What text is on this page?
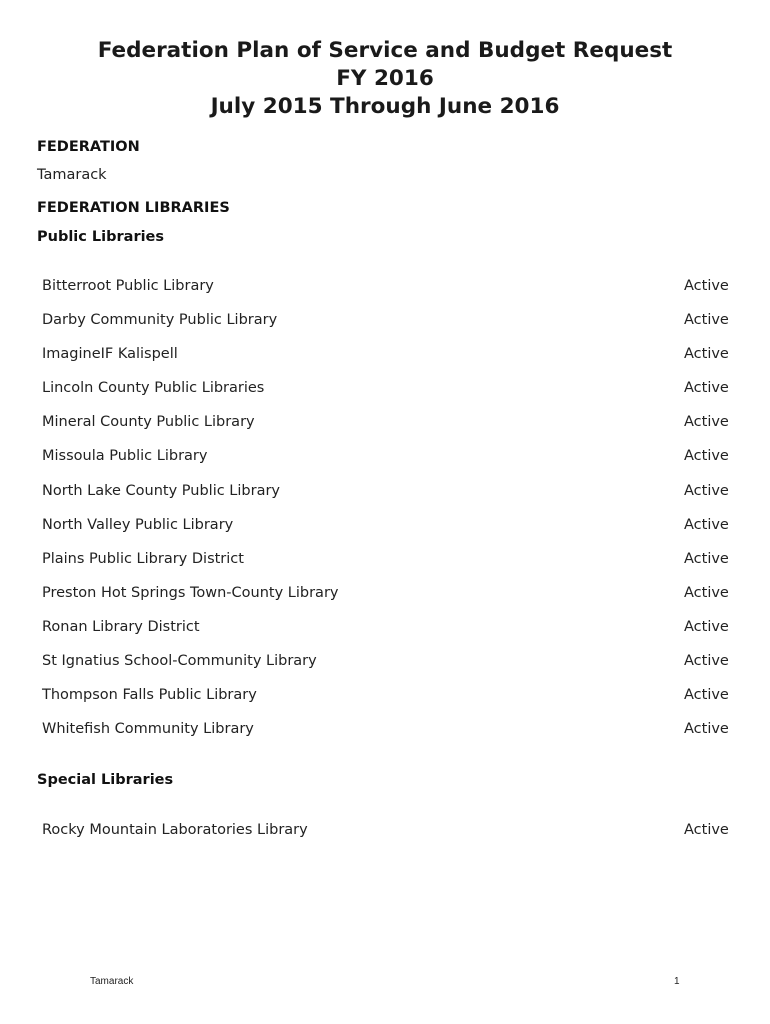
Federation Plan of Service and Budget Request
FY 2016
July 2015 Through June 2016
FEDERATION
Tamarack
FEDERATION LIBRARIES
Public Libraries
Bitterroot Public Library	Active
Darby Community Public Library	Active
ImagineIF Kalispell	Active
Lincoln County Public Libraries	Active
Mineral County Public Library	Active
Missoula Public Library	Active
North Lake County Public Library	Active
North Valley Public Library	Active
Plains Public Library District	Active
Preston Hot Springs Town-County Library	Active
Ronan Library District	Active
St Ignatius School-Community Library	Active
Thompson Falls Public Library	Active
Whitefish Community Library	Active
Special Libraries
Rocky Mountain Laboratories Library	Active
Tamarack	1
